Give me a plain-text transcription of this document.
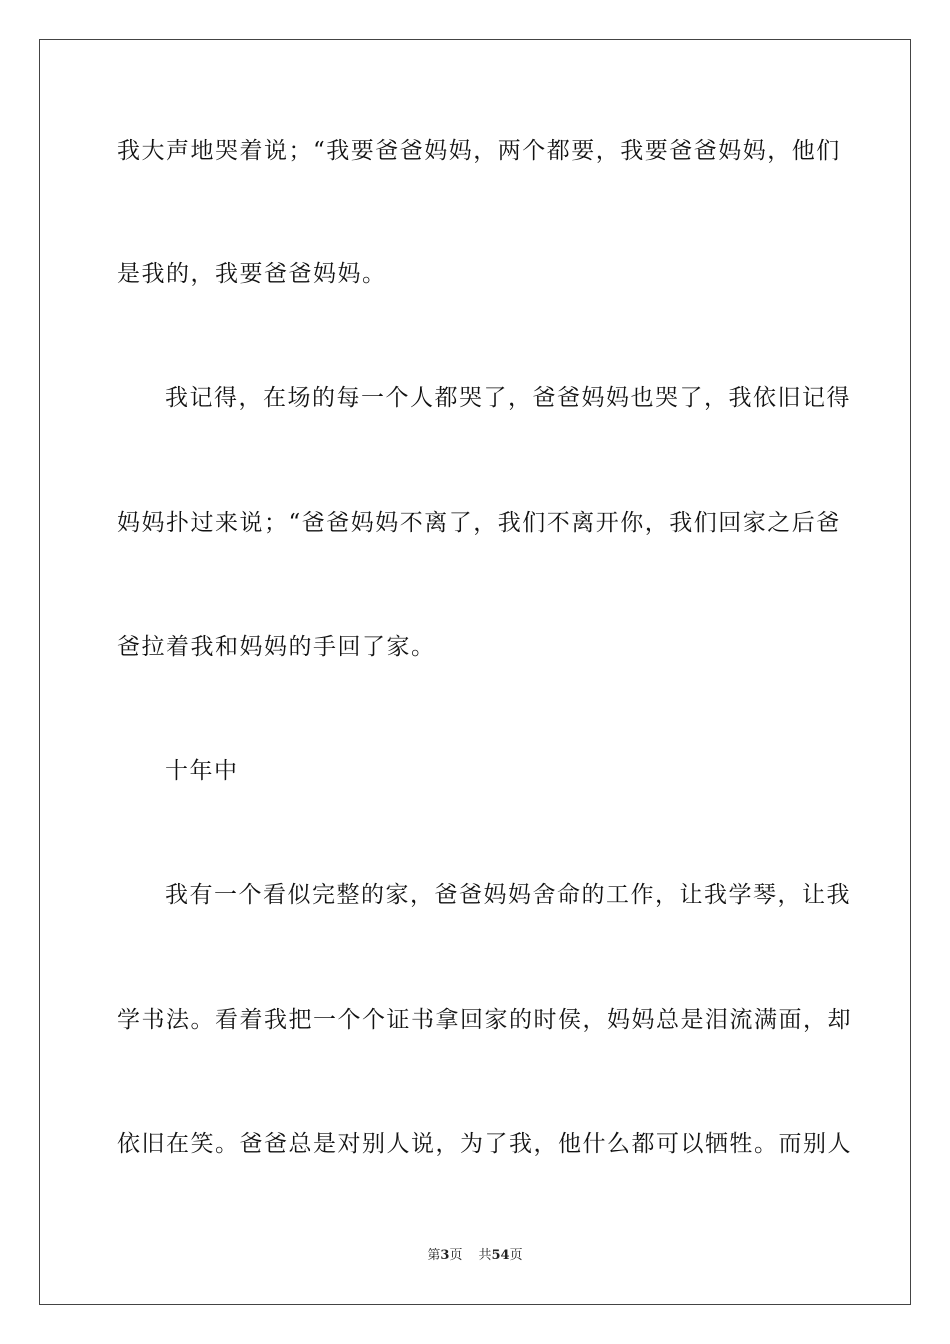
我大声地哭着说；“我要爸爸妈妈，两个都要，我要爸爸妈妈，他们
是我的，我要爸爸妈妈。
我记得，在场的每一个人都哭了，爸爸妈妈也哭了，我依旧记得
妈妈扑过来说；“爸爸妈妈不离了，我们不离开你，我们回家之后爸
爸拉着我和妈妈的手回了家。
十年中
我有一个看似完整的家，爸爸妈妈舍命的工作，让我学琴，让我
学书法。看着我把一个个证书拿回家的时侯，妈妈总是泪流满面，却
依旧在笑。爸爸总是对别人说，为了我，他什么都可以牺牲。而别人
第3页 共54页
